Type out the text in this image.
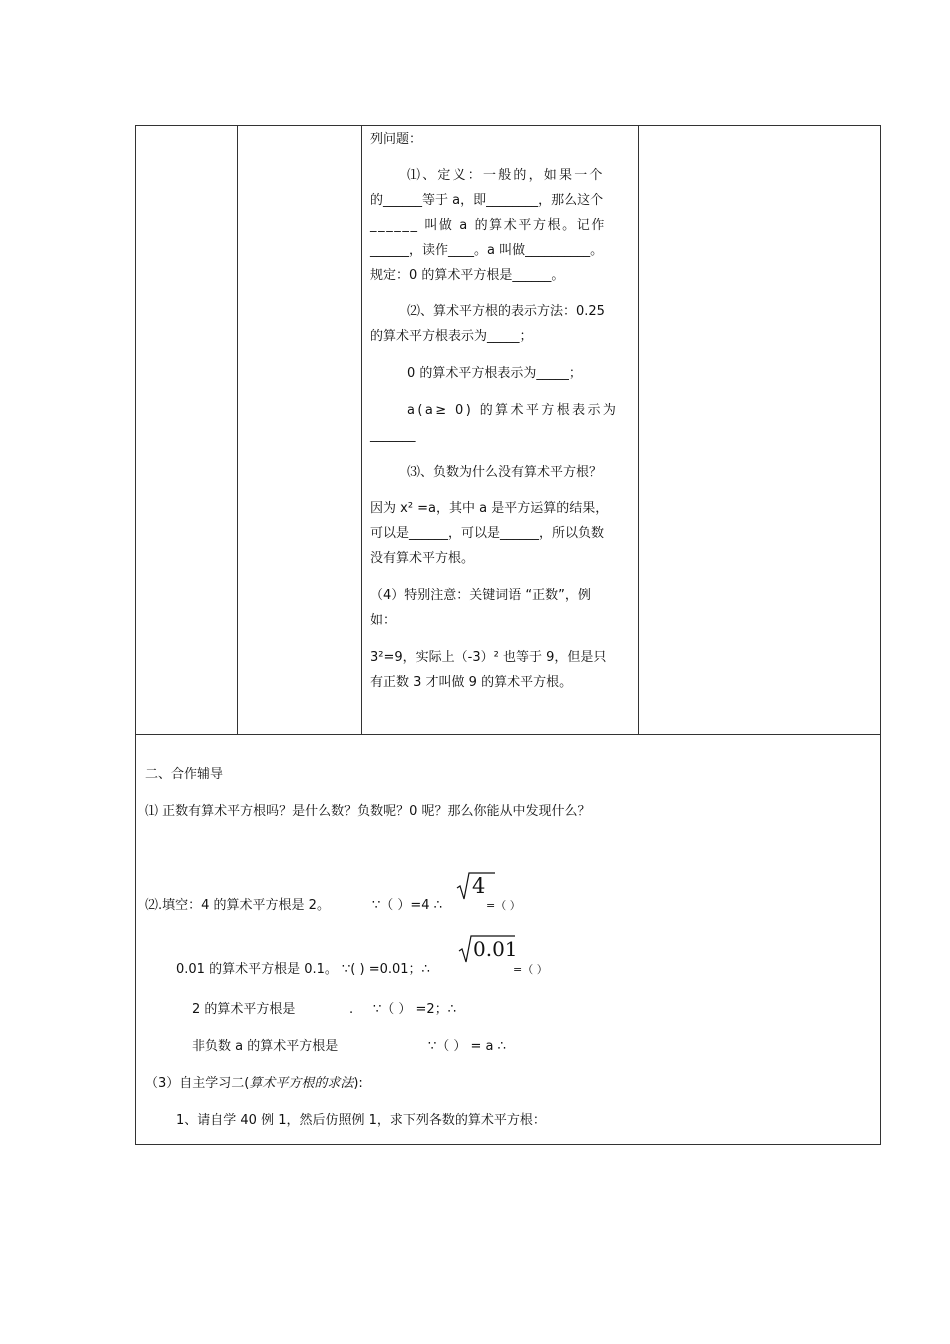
列问题：
⑴、定义：一般的，如果一个
的______等于 a，即________，那么这个
______ 叫做 a 的算术平方根。记作
______，读作____。a 叫做__________。
规定：0 的算术平方根是______。
⑵、算术平方根的表示方法：0.25
的算术平方根表示为_____；
0 的算术平方根表示为_____；
a(a≥ 0) 的算术平方根表示为
_______
⑶、负数为什么没有算术平方根？
因为 x² =a，其中 a 是平方运算的结果，
可以是______，可以是______，所以负数
没有算术平方根。
（4）特别注意：关键词语 “正数”，例
如：
3²=9，实际上（-3）² 也等于 9，但是只
有正数 3 才叫做 9 的算术平方根。
二、合作辅导
⑴ 正数有算术平方根吗？是什么数？负数呢？0 呢？那么你能从中发现什么？
⑵.填空：4 的算术平方根是 2。	∵（ ）=4 ∴	=（ ）
4
0.01 的算术平方根是 0.1。 ∵( ) =0.01；∴	=（ ）
0.01
2 的算术平方根是	. ∵（ ） =2；∴
非负数 a 的算术平方根是	∵（ ） = a ∴
（3）自主学习二(算术平方根的求法):
1、请自学 40 例 1，然后仿照例 1，求下列各数的算术平方根：
